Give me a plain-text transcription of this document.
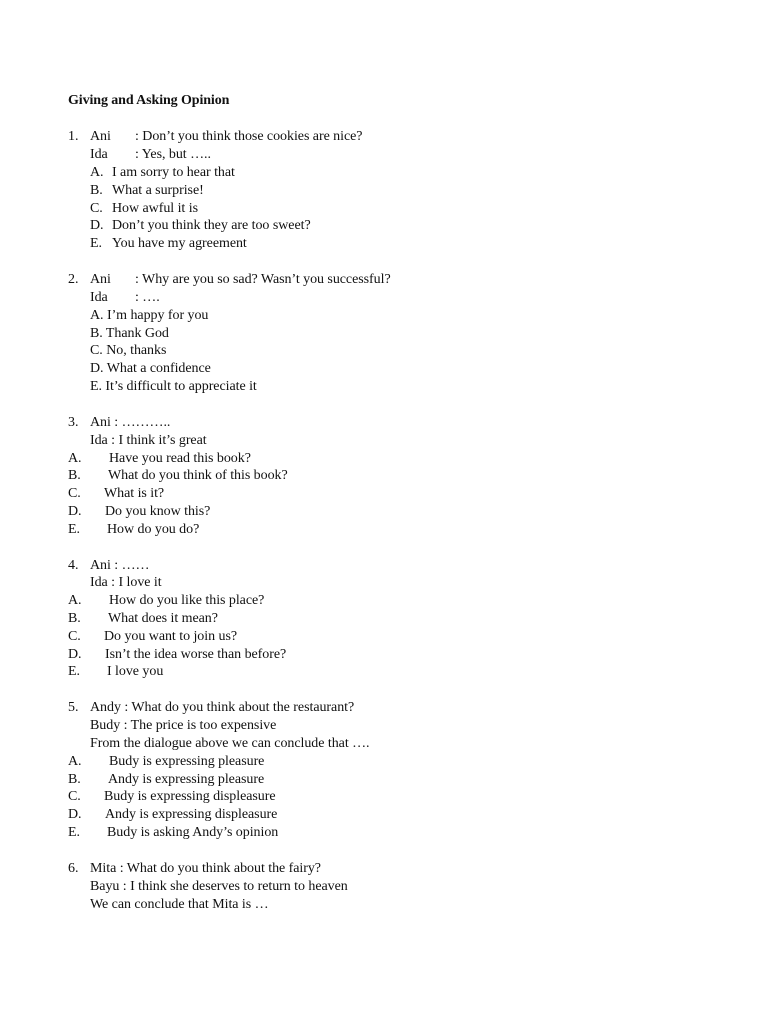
Giving and Asking Opinion
1. Ani : Don’t you think those cookies are nice?
Ida : Yes, but …..
A. I am sorry to hear that
B. What a surprise!
C. How awful it is
D. Don’t you think they are too sweet?
E. You have my agreement
2. Ani : Why are you so sad? Wasn’t you successful?
Ida : ….
A. I’m happy for you
B. Thank God
C. No, thanks
D. What a confidence
E. It’s difficult to appreciate it
3. Ani : ………..
Ida : I think it’s great
A. Have you read this book?
B. What do you think of this book?
C. What is it?
D. Do you know this?
E. How do you do?
4. Ani : ……
Ida : I love it
A. How do you like this place?
B. What does it mean?
C. Do you want to join us?
D. Isn’t the idea worse than before?
E. I love you
5. Andy : What do you think about the restaurant?
Budy : The price is too expensive
From the dialogue above we can conclude that ….
A. Budy is expressing pleasure
B. Andy is expressing pleasure
C. Budy is expressing displeasure
D. Andy is expressing displeasure
E. Budy is asking Andy’s opinion
6. Mita : What do you think about the fairy?
Bayu : I think she deserves to return to heaven
We can conclude that Mita is …
